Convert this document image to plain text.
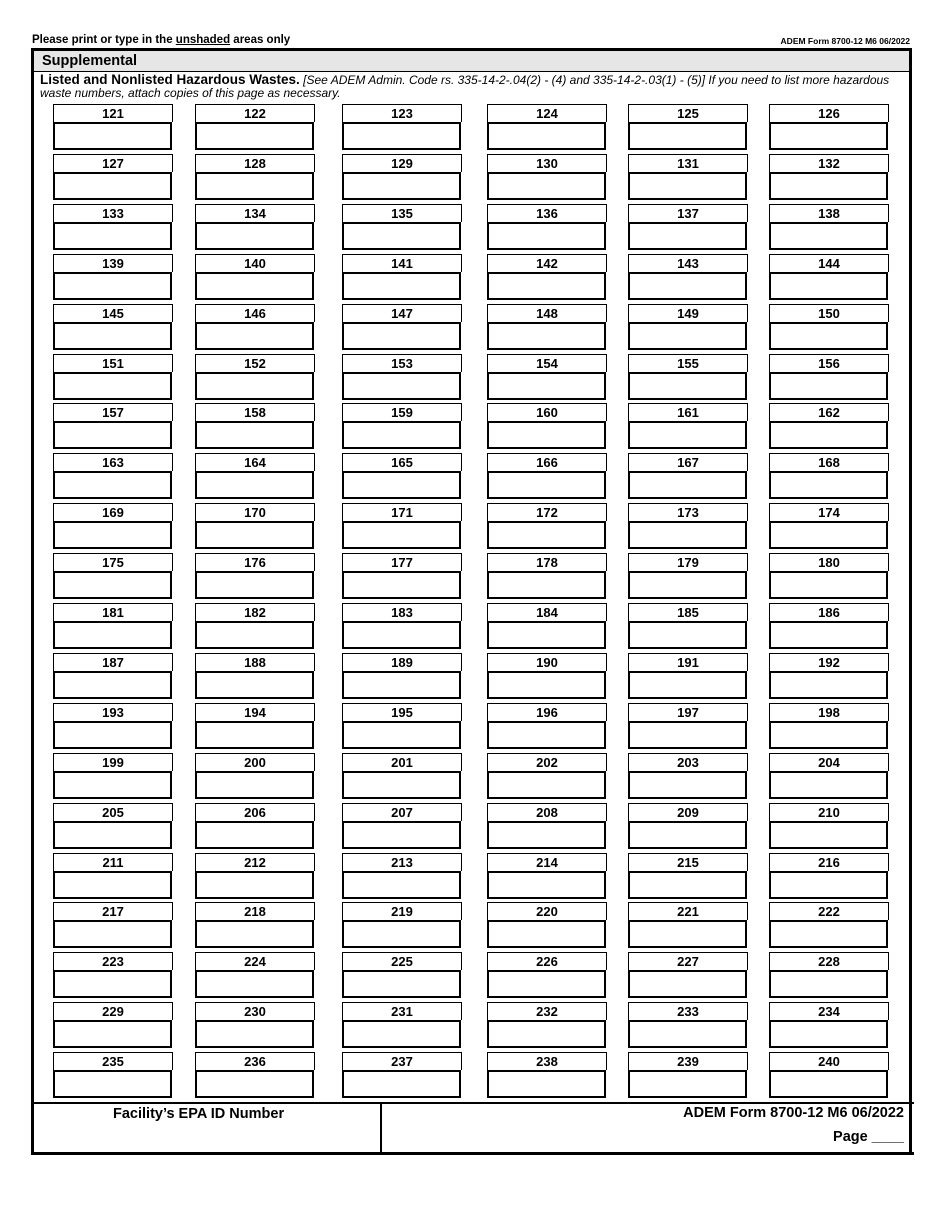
Please print or type in the unshaded areas only	ADEM Form 8700-12 M6 06/2022
Supplemental
Listed and Nonlisted Hazardous Wastes. [See ADEM Admin. Code rs. 335-14-2-.04(2) - (4) and 335-14-2-.03(1) - (5)] If you need to list more hazardous waste numbers, attach copies of this page as necessary.
121	122	123	124	125	126
127	128	129	130	131	132
133	134	135	136	137	138
139	140	141	142	143	144
145	146	147	148	149	150
151	152	153	154	155	156
157	158	159	160	161	162
163	164	165	166	167	168
169	170	171	172	173	174
175	176	177	178	179	180
181	182	183	184	185	186
187	188	189	190	191	192
193	194	195	196	197	198
199	200	201	202	203	204
205	206	207	208	209	210
211	212	213	214	215	216
217	218	219	220	221	222
223	224	225	226	227	228
229	230	231	232	233	234
235	236	237	238	239	240
Facility’s EPA ID Number	ADEM Form 8700-12 M6 06/2022
Page ____
